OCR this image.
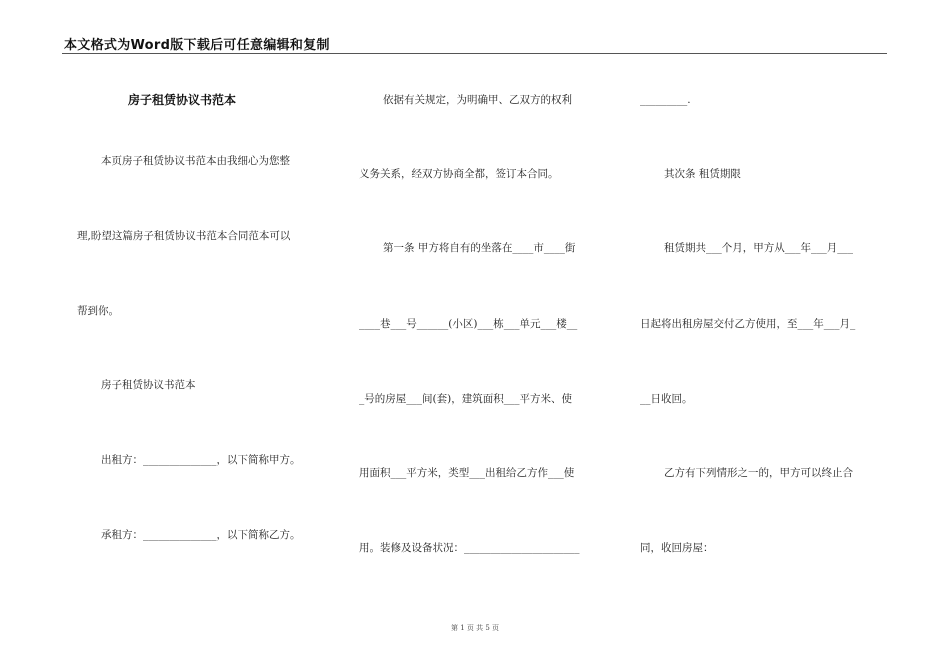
本文格式为Word版下载后可任意编辑和复制
房子租赁协议书范本
本页房子租赁协议书范本由我细心为您整
理,盼望这篇房子租赁协议书范本合同范本可以
帮到你。
房子租赁协议书范本
出租方：______________，以下简称甲方。
承租方：______________，以下简称乙方。
依据有关规定，为明确甲、乙双方的权利
义务关系，经双方协商全都，签订本合同。
第一条 甲方将自有的坐落在____市____街
____巷___号______(小区)___栋___单元___楼__
_号的房屋___间(套)，建筑面积___平方米、使
用面积___平方米，类型___出租给乙方作___使
用。装修及设备状况：______________________
_________.
其次条 租赁期限
租赁期共___个月，甲方从___年___月___
日起将出租房屋交付乙方使用，至___年___月_
__日收回。
乙方有下列情形之一的，甲方可以终止合
同，收回房屋：
第 1 页 共 5 页
